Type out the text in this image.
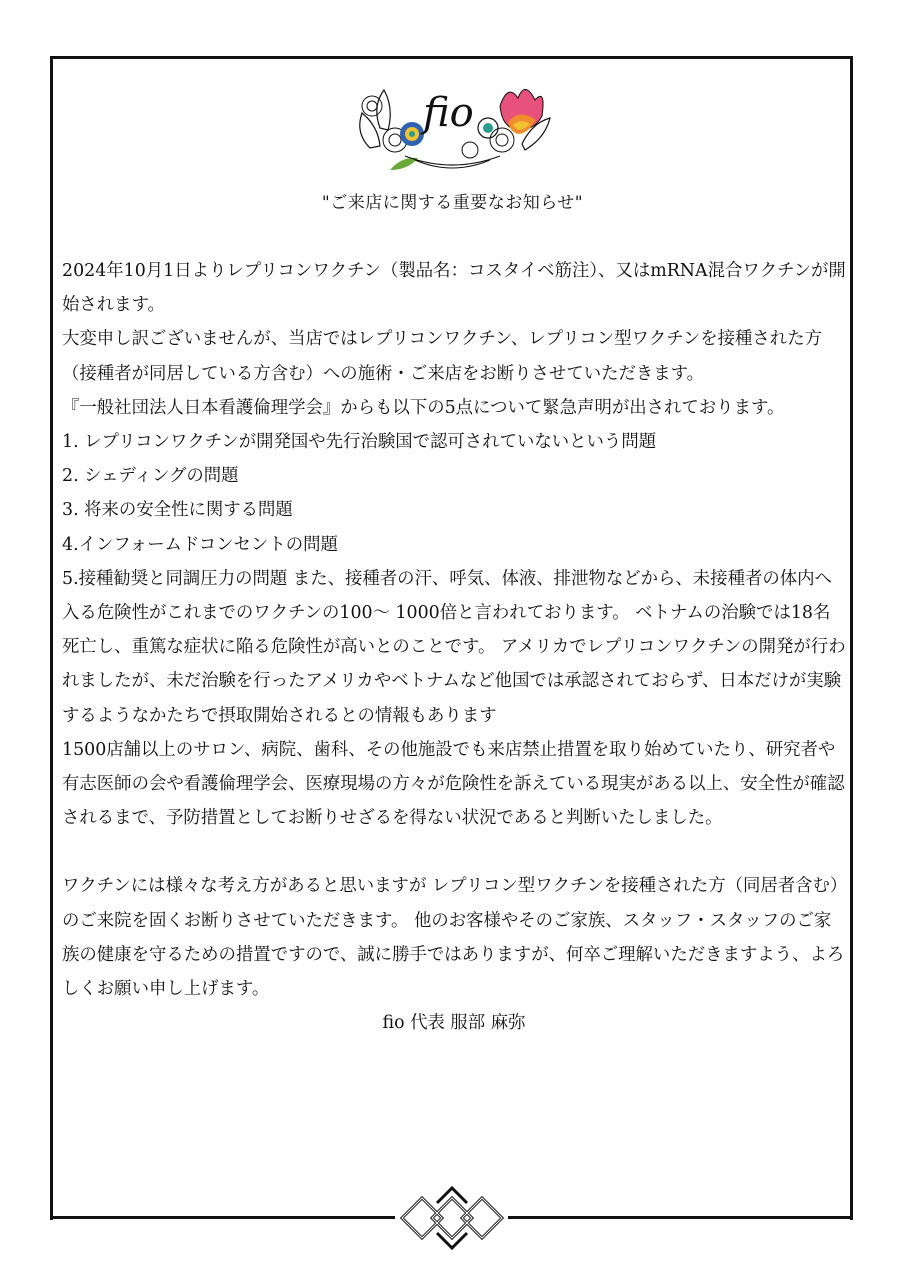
fio
"ご来店に関する重要なお知らせ"

2024年10月1日よりレプリコンワクチン（製品名：コスタイベ筋注）、又はmRNA混合ワクチンが開始されます。

大変申し訳ございませんが、当店ではレプリコンワクチン、レプリコン型ワクチンを接種された方（接種者が同居している方含む）への施術・ご来店をお断りさせていただきます。

『一般社団法人日本看護倫理学会』からも以下の5点について緊急声明が出されております。

1. レプリコンワクチンが開発国や先行治験国で認可されていないという問題

2. シェディングの問題

3. 将来の安全性に関する問題

4.インフォームドコンセントの問題

5.接種勧奨と同調圧力の問題 また、接種者の汗、呼気、体液、排泄物などから、未接種者の体内へ入る危険性がこれまでのワクチンの100〜 1000倍と言われております。 ベトナムの治験では18名死亡し、重篤な症状に陥る危険性が高いとのことです。 アメリカでレプリコンワクチンの開発が行われましたが、未だ治験を行ったアメリカやベトナムなど他国では承認されておらず、日本だけが実験するようなかたちで摂取開始されるとの情報もあります

1500店舗以上のサロン、病院、歯科、その他施設でも来店禁止措置を取り始めていたり、研究者や有志医師の会や看護倫理学会、医療現場の方々が危険性を訴えている現実がある以上、安全性が確認されるまで、予防措置としてお断りせざるを得ない状況であると判断いたしました。

ワクチンには様々な考え方があると思いますが レプリコン型ワクチンを接種された方（同居者含む）のご来院を固くお断りさせていただきます。 他のお客様やそのご家族、スタッフ・スタッフのご家族の健康を守るための措置ですので、誠に勝手ではありますが、何卒ご理解いただきますよう、よろしくお願い申し上げます。

fio 代表 服部 麻弥
